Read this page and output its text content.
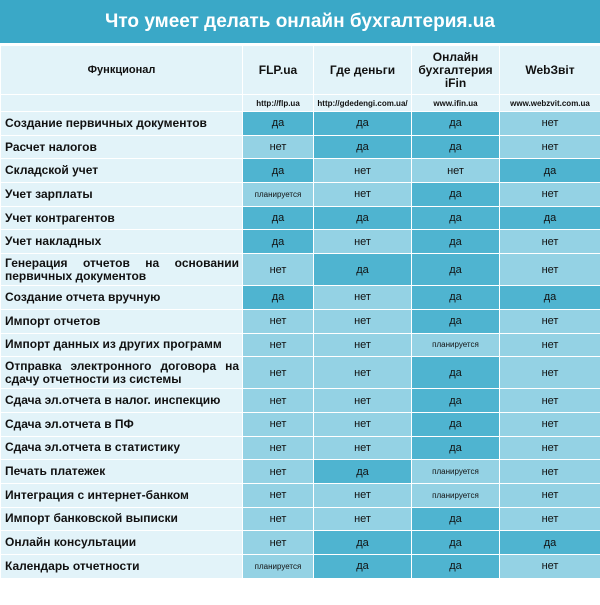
Что умеет делать онлайн бухгалтерия.ua
Функционал	FLP.ua	Где деньги	Онлайн бухгалтерия iFin	WebЗвіт
	http://flp.ua	http://gdedengi.com.ua/	www.ifin.ua	www.webzvit.com.ua
Создание первичных документов	да	да	да	нет
Расчет налогов	нет	да	да	нет
Складской учет	да	нет	нет	да
Учет зарплаты	планируется	нет	да	нет
Учет контрагентов	да	да	да	да
Учет накладных	да	нет	да	нет
Генерация отчетов на основании первичных документов	нет	да	да	нет
Создание отчета вручную	да	нет	да	да
Импорт отчетов	нет	нет	да	нет
Импорт данных из других программ	нет	нет	планируется	нет
Отправка электронного договора на сдачу отчетности из системы	нет	нет	да	нет
Сдача эл.отчета в налог. инспекцию	нет	нет	да	нет
Сдача эл.отчета в ПФ	нет	нет	да	нет
Сдача эл.отчета в статистику	нет	нет	да	нет
Печать платежек	нет	да	планируется	нет
Интеграция с интернет-банком	нет	нет	планируется	нет
Импорт банковской выписки	нет	нет	да	нет
Онлайн консультации	нет	да	да	да
Календарь отчетности	планируется	да	да	нет
